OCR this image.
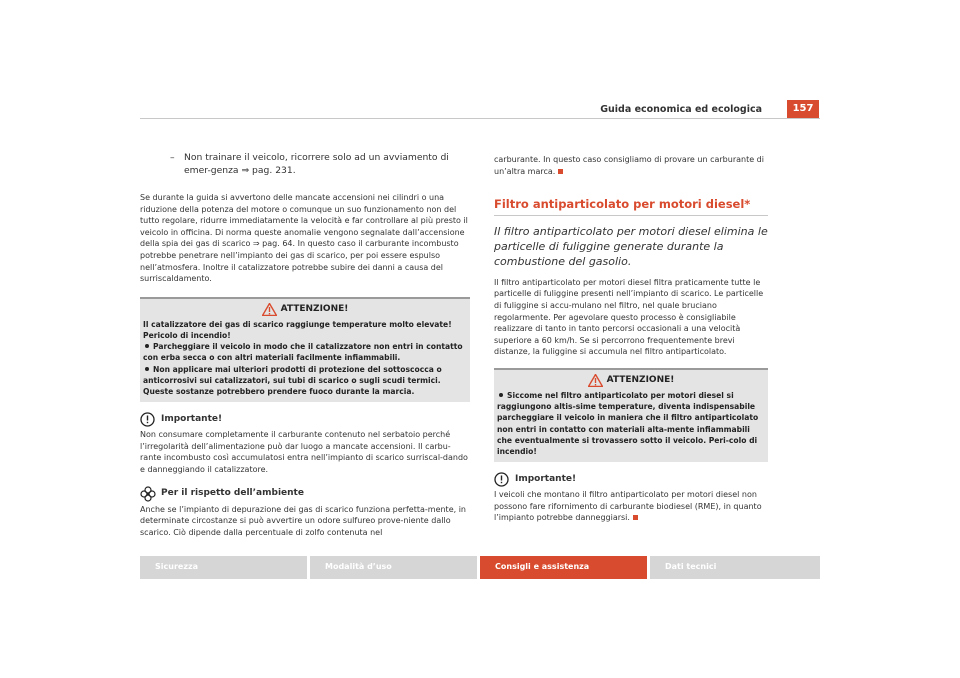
Guida economica ed ecologica	157
–	Non trainare il veicolo, ricorrere solo ad un avviamento di emer-genza ⇒ pag. 231.

Se durante la guida si avvertono delle mancate accensioni nei cilindri o una riduzione della potenza del motore o comunque un suo funzionamento non del tutto regolare, ridurre immediatamente la velocità e far controllare al più presto il veicolo in officina. Di norma queste anomalie vengono segnalate dall’accensione della spia dei gas di scarico ⇒ pag. 64. In questo caso il carburante incombusto potrebbe penetrare nell’impianto dei gas di scarico, per poi essere espulso nell’atmosfera. Inoltre il catalizzatore potrebbe subire dei danni a causa del surriscaldamento.

ATTENZIONE!
Il catalizzatore dei gas di scarico raggiunge temperature molto elevate! Pericolo di incendio!
Parcheggiare il veicolo in modo che il catalizzatore non entri in contatto con erba secca o con altri materiali facilmente infiammabili.
Non applicare mai ulteriori prodotti di protezione del sottoscocca o anticorrosivi sui catalizzatori, sui tubi di scarico o sugli scudi termici. Queste sostanze potrebbero prendere fuoco durante la marcia.
Importante!

Non consumare completamente il carburante contenuto nel serbatoio perché l’irregolarità dell’alimentazione può dar luogo a mancate accensioni. Il carbu-rante incombusto così accumulatosi entra nell’impianto di scarico surriscal-dando e danneggiando il catalizzatore.

Per il rispetto dell’ambiente

Anche se l’impianto di depurazione dei gas di scarico funziona perfetta-mente, in determinate circostanze si può avvertire un odore sulfureo prove-niente dallo scarico. Ciò dipende dalla percentuale di zolfo contenuta nel

carburante. In questo caso consigliamo di provare un carburante di un’altra marca.

Filtro antiparticolato per motori diesel*
Il filtro antiparticolato per motori diesel elimina le particelle di fuliggine generate durante la combustione del gasolio.

Il filtro antiparticolato per motori diesel filtra praticamente tutte le particelle di fuliggine presenti nell’impianto di scarico. Le particelle di fuliggine si accu-mulano nel filtro, nel quale bruciano regolarmente. Per agevolare questo processo è consigliabile realizzare di tanto in tanto percorsi occasionali a una velocità superiore a 60 km/h. Se si percorrono frequentemente brevi distanze, la fuliggine si accumula nel filtro antiparticolato.

ATTENZIONE!
Siccome nel filtro antiparticolato per motori diesel si raggiungono altis-sime temperature, diventa indispensabile parcheggiare il veicolo in maniera che il filtro antiparticolato non entri in contatto con materiali alta-mente infiammabili che eventualmente si trovassero sotto il veicolo. Peri-colo di incendio!
Importante!

I veicoli che montano il filtro antiparticolato per motori diesel non possono fare rifornimento di carburante biodiesel (RME), in quanto l’impianto potrebbe danneggiarsi.

Sicurezza	Modalità d’uso	Consigli e assistenza	Dati tecnici
